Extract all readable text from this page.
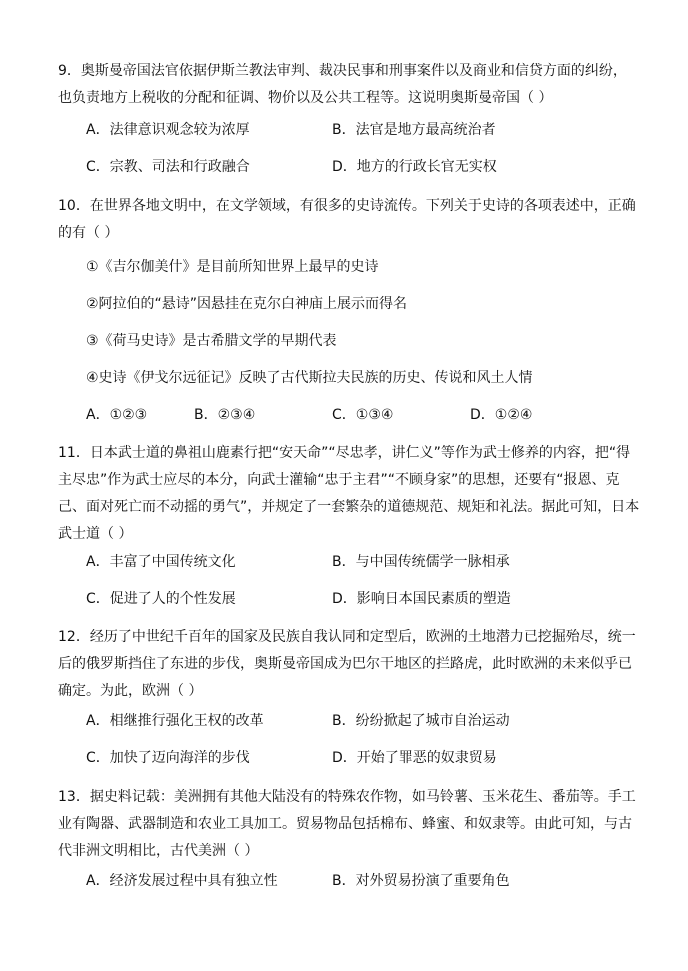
9．奥斯曼帝国法官依据伊斯兰教法审判、裁决民事和刑事案件以及商业和信贷方面的纠纷，也负责地方上税收的分配和征调、物价以及公共工程等。这说明奥斯曼帝国（ ）

A．法律意识观念较为浓厚	B．法官是地方最高统治者
C．宗教、司法和行政融合	D．地方的行政长官无实权

10．在世界各地文明中，在文学领域，有很多的史诗流传。下列关于史诗的各项表述中，正确的有（ ）

①《吉尔伽美什》是目前所知世界上最早的史诗
②阿拉伯的“悬诗”因悬挂在克尔白神庙上展示而得名
③《荷马史诗》是古希腊文学的早期代表
④史诗《伊戈尔远征记》反映了古代斯拉夫民族的历史、传说和风土人情
A．①②③	B．②③④	C．①③④	D．①②④

11．日本武士道的鼻祖山鹿素行把“安天命”“尽忠孝，讲仁义”等作为武士修养的内容，把“得主尽忠”作为武士应尽的本分，向武士灌输“忠于主君”“不顾身家”的思想，还要有“报恩、克己、面对死亡而不动摇的勇气”，并规定了一套繁杂的道德规范、规矩和礼法。据此可知，日本武士道（ ）

A．丰富了中国传统文化	B．与中国传统儒学一脉相承
C．促进了人的个性发展	D．影响日本国民素质的塑造

12．经历了中世纪千百年的国家及民族自我认同和定型后，欧洲的土地潜力已挖掘殆尽，统一后的俄罗斯挡住了东进的步伐，奥斯曼帝国成为巴尔干地区的拦路虎，此时欧洲的未来似乎已确定。为此，欧洲（ ）

A．相继推行强化王权的改革	B．纷纷掀起了城市自治运动
C．加快了迈向海洋的步伐	D．开始了罪恶的奴隶贸易

13．据史料记载：美洲拥有其他大陆没有的特殊农作物，如马铃薯、玉米花生、番茄等。手工业有陶器、武器制造和农业工具加工。贸易物品包括棉布、蜂蜜、和奴隶等。由此可知，与古代非洲文明相比，古代美洲（ ）

A．经济发展过程中具有独立性	B．对外贸易扮演了重要角色
